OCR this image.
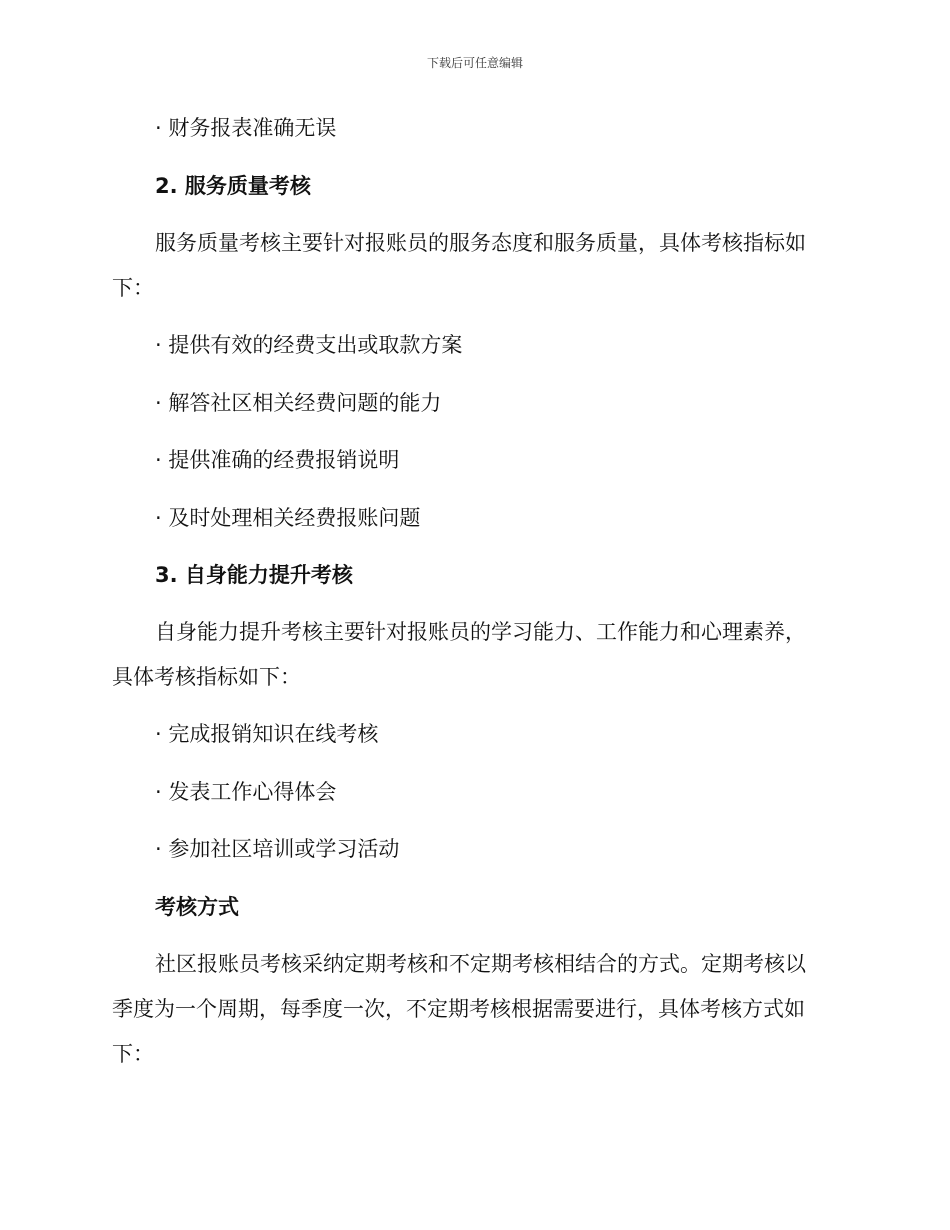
下载后可任意编辑
· 财务报表准确无误
2. 服务质量考核
服务质量考核主要针对报账员的服务态度和服务质量，具体考核指标如
下：
· 提供有效的经费支出或取款方案
· 解答社区相关经费问题的能力
· 提供准确的经费报销说明
· 及时处理相关经费报账问题
3. 自身能力提升考核
自身能力提升考核主要针对报账员的学习能力、工作能力和心理素养，
具体考核指标如下：
· 完成报销知识在线考核
· 发表工作心得体会
· 参加社区培训或学习活动
考核方式
社区报账员考核采纳定期考核和不定期考核相结合的方式。定期考核以
季度为一个周期，每季度一次，不定期考核根据需要进行，具体考核方式如
下：
